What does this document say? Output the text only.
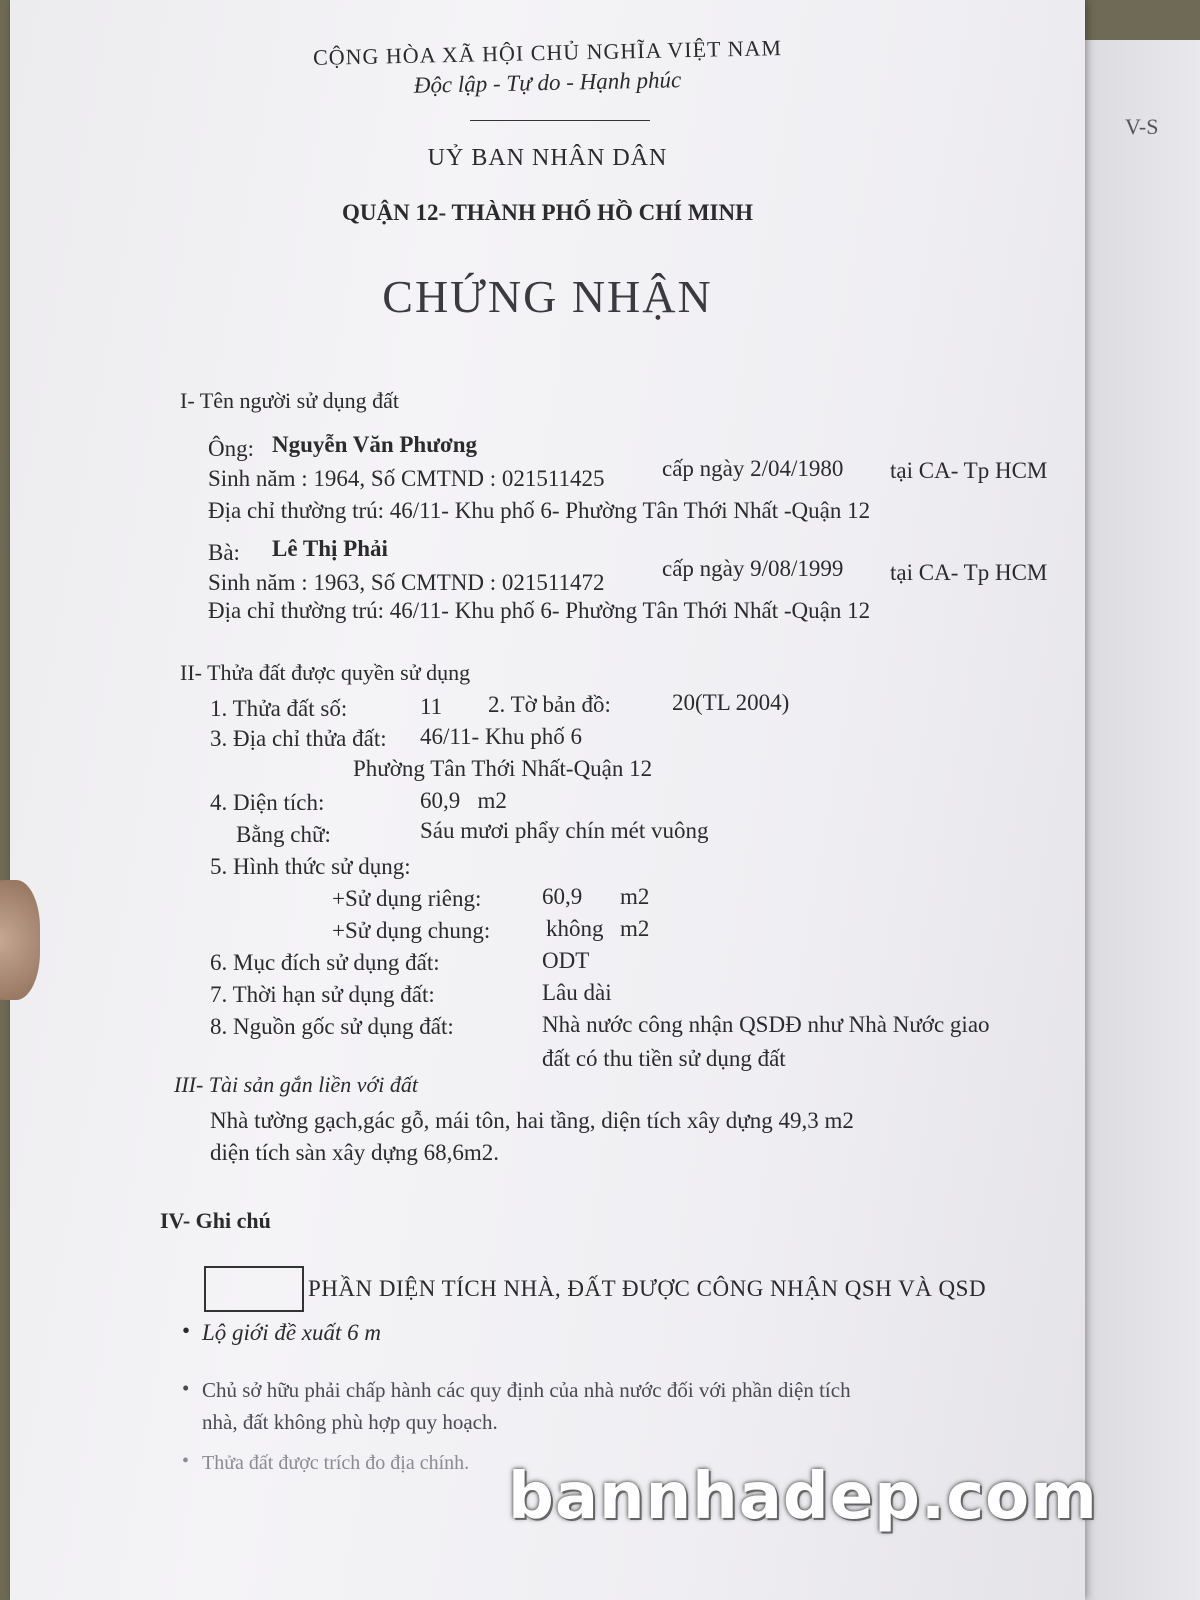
V-S
CỘNG HÒA XÃ HỘI CHỦ NGHĨA VIỆT NAM
Độc lập - Tự do - Hạnh phúc
UỶ BAN NHÂN DÂN
QUẬN 12- THÀNH PHỐ HỒ CHÍ MINH
CHỨNG NHẬN
I- Tên người sử dụng đất
Ông: Nguyễn Văn Phương
Sinh năm : 1964, Số CMTND : 021511425 cấp ngày 2/04/1980 tại CA- Tp HCM
Địa chỉ thường trú: 46/11- Khu phố 6- Phường Tân Thới Nhất -Quận 12
Bà: Lê Thị Phải
Sinh năm : 1963, Số CMTND : 021511472
cấp ngày 9/08/1999 tại CA- Tp HCM
Địa chỉ thường trú: 46/11- Khu phố 6- Phường Tân Thới Nhất -Quận 12
II- Thửa đất được quyền sử dụng
1. Thửa đất số:	11 2. Tờ bản đồ:	20(TL 2004)
3. Địa chỉ thửa đất: 46/11- Khu phố 6
Phường Tân Thới Nhất-Quận 12
4. Diện tích:	60,9   m2
Bằng chữ:	Sáu mươi phẩy chín mét vuông
5. Hình thức sử dụng:
+Sử dụng riêng:	60,9 m2
+Sử dụng chung: không m2
6. Mục đích sử dụng đất:	ODT
7. Thời hạn sử dụng đất:	Lâu dài
8. Nguồn gốc sử dụng đất:	Nhà nước công nhận QSDĐ như Nhà Nước giao
đất có thu tiền sử dụng đất
III- Tài sản gắn liền với đất
Nhà tường gạch,gác gỗ, mái tôn, hai tầng, diện tích xây dựng 49,3 m2
diện tích sàn xây dựng 68,6m2.
IV- Ghi chú
PHẦN DIỆN TÍCH NHÀ, ĐẤT ĐƯỢC CÔNG NHẬN QSH VÀ QSD
• Lộ giới đề xuất 6 m
• Chủ sở hữu phải chấp hành các quy định của nhà nước đối với phần diện tích
nhà, đất không phù hợp quy hoạch.
• Thửa đất được trích đo địa chính. bannhadep.com
